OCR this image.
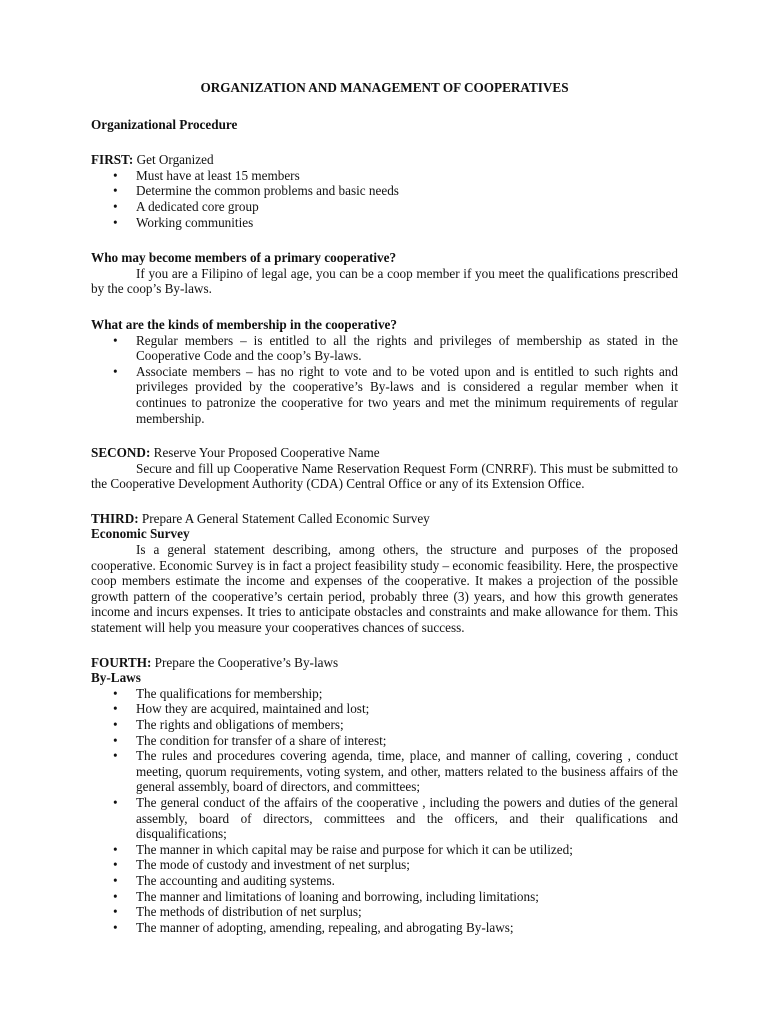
ORGANIZATION AND MANAGEMENT OF COOPERATIVES

Organizational Procedure

FIRST: Get Organized

• Must have at least 15 members
• Determine the common problems and basic needs
• A dedicated core group
• Working communities

Who may become members of a primary cooperative?

If you are a Filipino of legal age, you can be a coop member if you meet the qualifications prescribed by the coop’s By-laws.

What are the kinds of membership in the cooperative?

• Regular members – is entitled to all the rights and privileges of membership as stated in the Cooperative Code and the coop’s By-laws.
• Associate members – has no right to vote and to be voted upon and is entitled to such rights and privileges provided by the cooperative’s By-laws and is considered a regular member when it continues to patronize the cooperative for two years and met the minimum requirements of regular membership.

SECOND: Reserve Your Proposed Cooperative Name

Secure and fill up Cooperative Name Reservation Request Form (CNRRF). This must be submitted to the Cooperative Development Authority (CDA) Central Office or any of its Extension Office.

THIRD: Prepare A General Statement Called Economic Survey

Economic Survey

Is a general statement describing, among others, the structure and purposes of the proposed cooperative. Economic Survey is in fact a project feasibility study – economic feasibility. Here, the prospective coop members estimate the income and expenses of the cooperative. It makes a projection of the possible growth pattern of the cooperative’s certain period, probably three (3) years, and how this growth generates income and incurs expenses. It tries to anticipate obstacles and constraints and make allowance for them. This statement will help you measure your cooperatives chances of success.

FOURTH: Prepare the Cooperative’s By-laws

By-Laws

• The qualifications for membership;
• How they are acquired, maintained and lost;
• The rights and obligations of members;
• The condition for transfer of a share of interest;
• The rules and procedures covering agenda, time, place, and manner of calling, covering , conduct meeting, quorum requirements, voting system, and other, matters related to the business affairs of the general assembly, board of directors, and committees;
• The general conduct of the affairs of the cooperative , including the powers and duties of the general assembly, board of directors, committees and the officers, and their qualifications and disqualifications;
• The manner in which capital may be raise and purpose for which it can be utilized;
• The mode of custody and investment of net surplus;
• The accounting and auditing systems.
• The manner and limitations of loaning and borrowing, including limitations;
• The methods of distribution of net surplus;
• The manner of adopting, amending, repealing, and abrogating By-laws;
